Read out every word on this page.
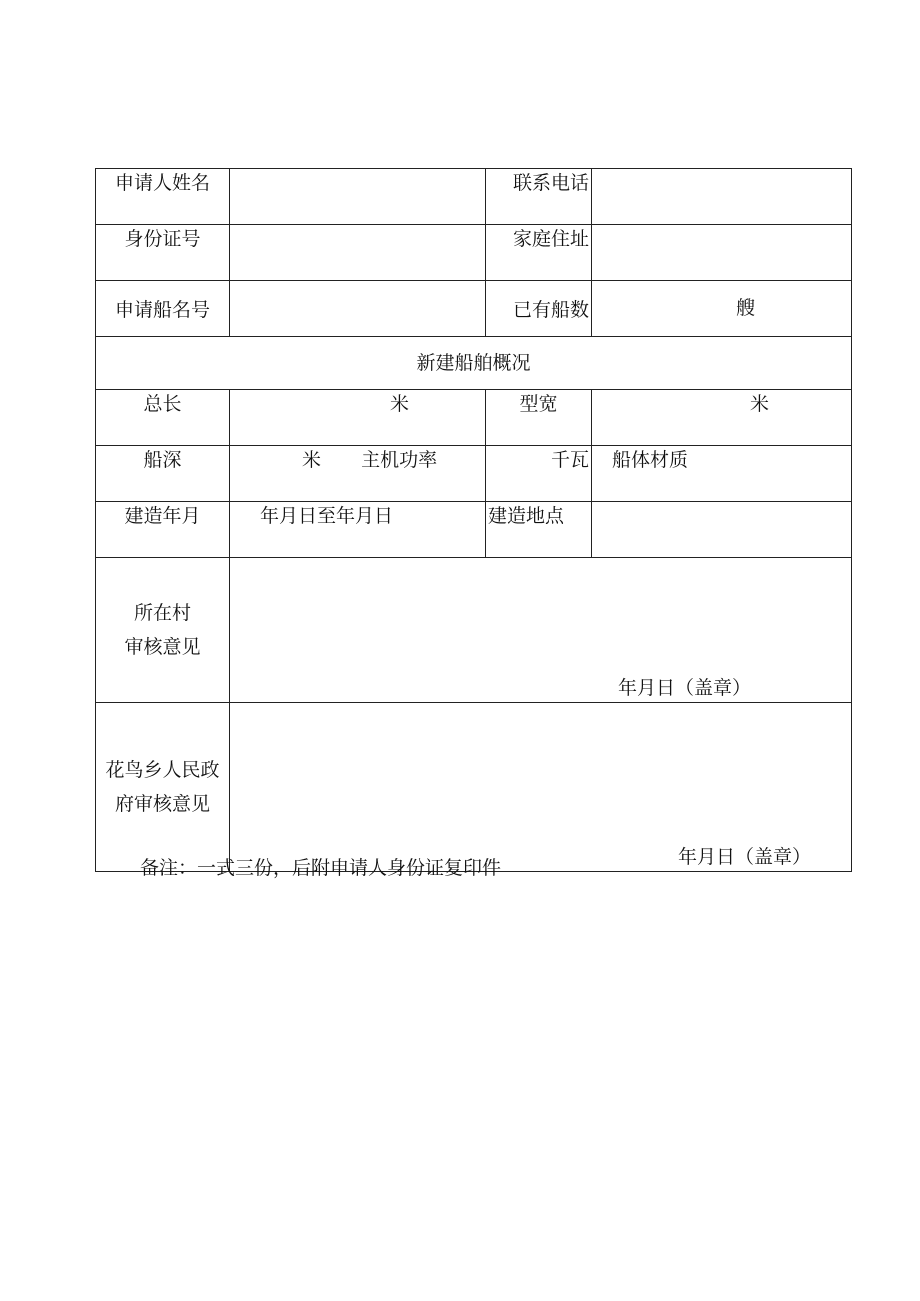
申请人姓名		联系电话	
身份证号		家庭住址	
申请船名号		已有船数	艘
新建船舶概况			
总长	米	型宽	米
船深	米 主机功率	千瓦	船体材质
建造年月	年月日至年月日	建造地点	

所在村
审核意见	年月日（盖章）		

花鸟乡人民政
府审核意见	年月日（盖章）		
备注：一式三份，后附申请人身份证复印件
